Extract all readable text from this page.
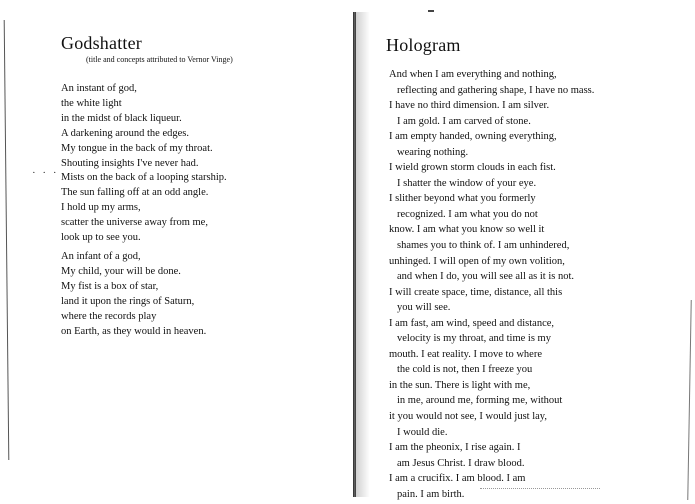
· · ·
Godshatter

(title and concepts attributed to Vernor Vinge)

An instant of god,
the white light
in the midst of black liqueur.
A darkening around the edges.
My tongue in the back of my throat.
Shouting insights I've never had.
Mists on the back of a looping starship.
The sun falling off at an odd angle.
I hold up my arms,
scatter the universe away from me,
look up to see you.
An infant of a god,
My child, your will be done.
My fist is a box of star,
land it upon the rings of Saturn,
where the records play
on Earth, as they would in heaven.
Hologram
And when I am everything and nothing,
reflecting and gathering shape, I have no mass.
I have no third dimension. I am silver.
I am gold. I am carved of stone.
I am empty handed, owning everything,
wearing nothing.
I wield grown storm clouds in each fist.
I shatter the window of your eye.
I slither beyond what you formerly
recognized. I am what you do not
know. I am what you know so well it
shames you to think of. I am unhindered,
unhinged. I will open of my own volition,
and when I do, you will see all as it is not.
I will create space, time, distance, all this
you will see.
I am fast, am wind, speed and distance,
velocity is my throat, and time is my
mouth. I eat reality. I move to where
the cold is not, then I freeze you
in the sun. There is light with me,
in me, around me, forming me, without
it you would not see, I would just lay,
I would die.
I am the pheonix, I rise again. I
am Jesus Christ. I draw blood.
I am a crucifix. I am blood. I am
pain. I am birth.
